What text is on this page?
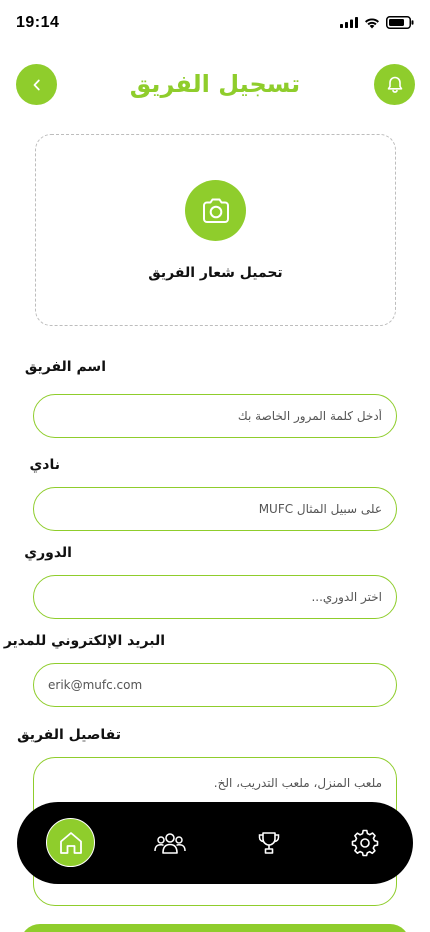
19:14
تسجيل الفريق
تحميل شعار الفريق
اسم الفريق
أدخل كلمة المرور الخاصة بك
نادي
على سبيل المثال MUFC
الدوري
اختر الدوري...
البريد الإلكتروني للمدير
erik@mufc.com
تفاصيل الفريق
ملعب المنزل، ملعب التدريب، الخ.
